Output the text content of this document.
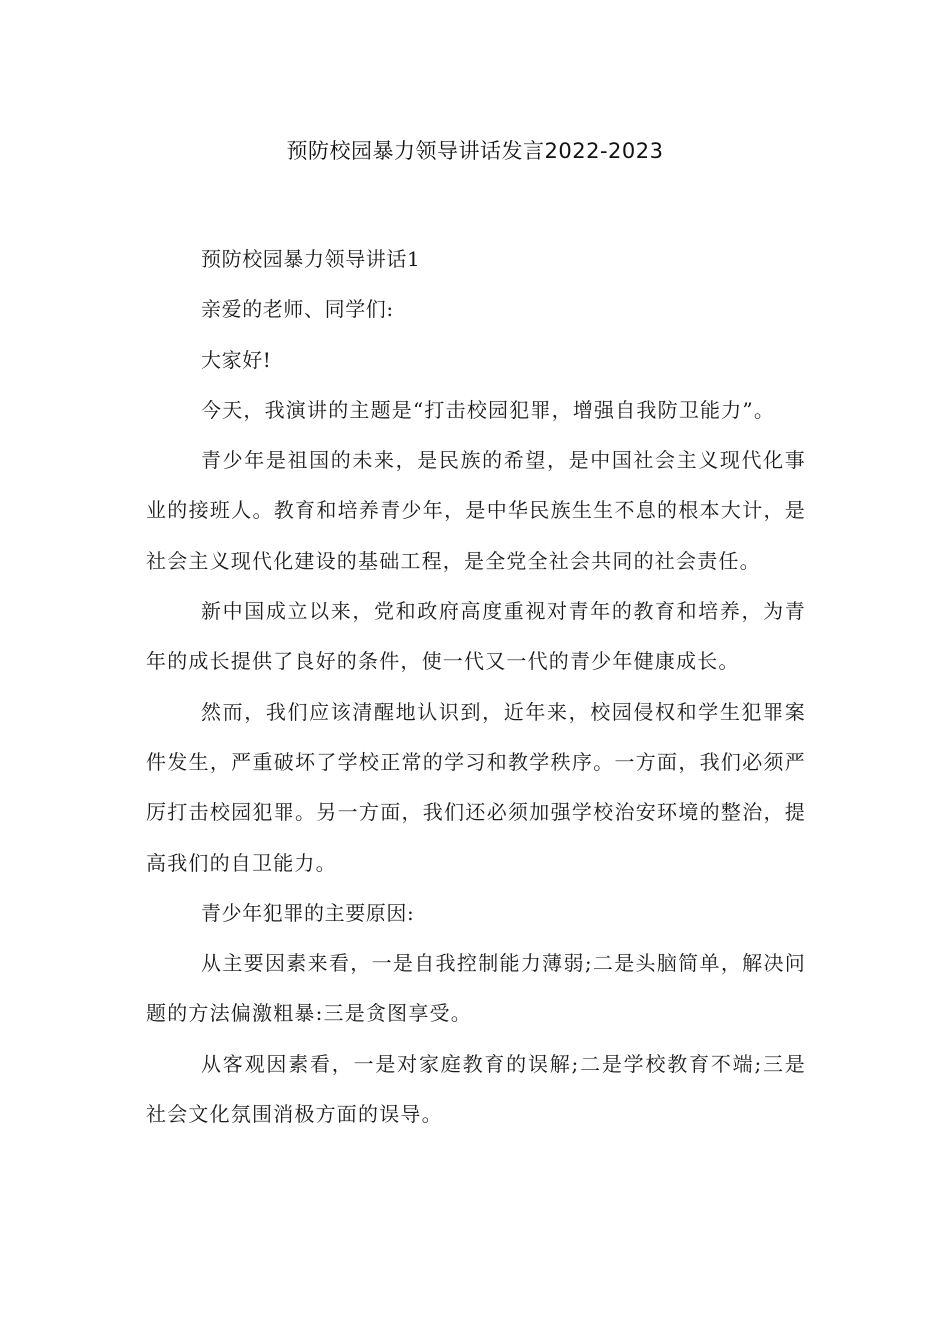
预防校园暴力领导讲话发言2022-2023

预防校园暴力领导讲话1

亲爱的老师、同学们:

大家好!

今天，我演讲的主题是“打击校园犯罪，增强自我防卫能力”。

青少年是祖国的未来，是民族的希望，是中国社会主义现代化事业的接班人。教育和培养青少年，是中华民族生生不息的根本大计，是社会主义现代化建设的基础工程，是全党全社会共同的社会责任。

新中国成立以来，党和政府高度重视对青年的教育和培养，为青年的成长提供了良好的条件，使一代又一代的青少年健康成长。

然而，我们应该清醒地认识到，近年来，校园侵权和学生犯罪案件发生，严重破坏了学校正常的学习和教学秩序。一方面，我们必须严厉打击校园犯罪。另一方面，我们还必须加强学校治安环境的整治，提高我们的自卫能力。

青少年犯罪的主要原因:

从主要因素来看，一是自我控制能力薄弱;二是头脑简单，解决问题的方法偏激粗暴:三是贪图享受。

从客观因素看，一是对家庭教育的误解;二是学校教育不端;三是社会文化氛围消极方面的误导。
